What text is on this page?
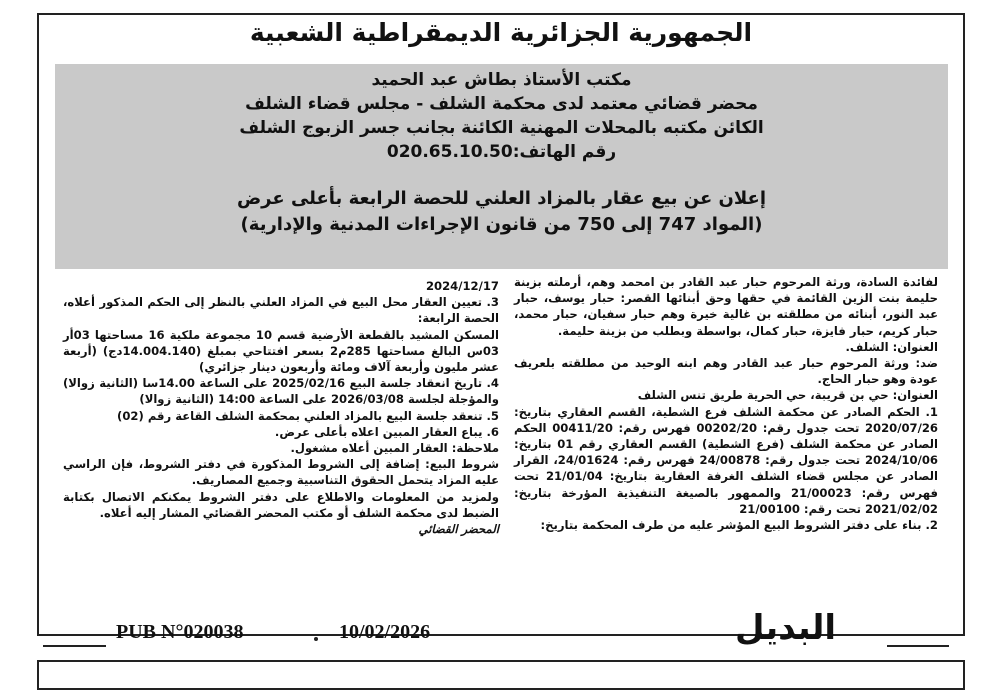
الجمهورية الجزائرية الديمقراطية الشعبية
مكتب الأستاذ بطاش عبد الحميد
محضر قضائي معتمد لدى محكمة الشلف - مجلس قضاء الشلف
الكائن مكتبه بالمحلات المهنية الكائنة بجانب جسر الزبوج الشلف
رقم الهاتف:020.65.10.50
إعلان عن بيع عقار بالمزاد العلني للحصة الرابعة بأعلى عرض
(المواد 747 إلى 750 من قانون الإجراءات المدنية والإدارية)

لفائدة السادة، ورثة المرحوم حبار عبد القادر بن امحمد وهم، أرملته بزينة حليمة بنت الزين القائمة في حقها وحق أبنائها القصر: حبار يوسف، حبار عبد النور، أبنائه من مطلقته بن غالية خيرة وهم حبار سفيان، حبار محمد، حبار كريم، حبار فايزة، حبار كمال، بواسطة وبطلب من بزينة حليمة.

العنوان: الشلف.

ضد: ورثة المرحوم حبار عبد القادر وهم ابنه الوحيد من مطلقته بلعريف عودة وهو حبار الحاج.

العنوان: حي بن قريبة، حي الحرية طريق تنس الشلف

1. الحكم الصادر عن محكمة الشلف فرع الشطية، القسم العقاري بتاريخ: 2020/07/26 تحت جدول رقم: 00202/20 فهرس رقم: 00411/20 الحكم الصادر عن محكمة الشلف (فرع الشطية) القسم العقاري رقم 01 بتاريخ: 2024/10/06 تحت جدول رقم: 24/00878 فهرس رقم: 24/01624، القرار الصادر عن مجلس قضاء الشلف الغرفة العقارية بتاريخ: 21/01/04 تحت فهرس رقم: 21/00023 والممهور بالصيغة التنفيذية المؤرخة بتاريخ: 2021/02/02 تحت رقم: 21/00100

2. بناء على دفتر الشروط البيع المؤشر عليه من طرف المحكمة بتاريخ:

2024/12/17

3. تعيين العقار محل البيع في المزاد العلني بالنظر إلى الحكم المذكور أعلاه، الحصة الرابعة:

المسكن المشيد بالقطعة الأرضية قسم 10 مجموعة ملكية 16 مساحتها 03أر 03س البالغ مساحتها 285م2 بسعر افتتاحي بمبلغ (14.004.140دج) (أربعة عشر مليون وأربعة آلاف ومائة وأربعون دينار جزائري)

4. تاريخ انعقاد جلسة البيع 2025/02/16 على الساعة 14.00سا (الثانية زوالا) والمؤجلة لجلسة 2026/03/08 على الساعة 14:00 (الثانية زوالا)

5. تنعقد جلسة البيع بالمزاد العلني بمحكمة الشلف القاعة رقم (02)

6. يباع العقار المبين اعلاه بأعلى عرض.

ملاحظة: العقار المبين أعلاه مشغول.

شروط البيع: إضافة إلى الشروط المذكورة في دفتر الشروط، فإن الراسي عليه المزاد يتحمل الحقوق التناسبية وجميع المصاريف.

ولمزيد من المعلومات والاطلاع على دفتر الشروط يمكنكم الاتصال بكتابة الضبط لدى محكمة الشلف أو مكتب المحضر القضائي المشار إليه أعلاه.

المحضر القضائي

PUB N°020038	10/02/2026	البديل
